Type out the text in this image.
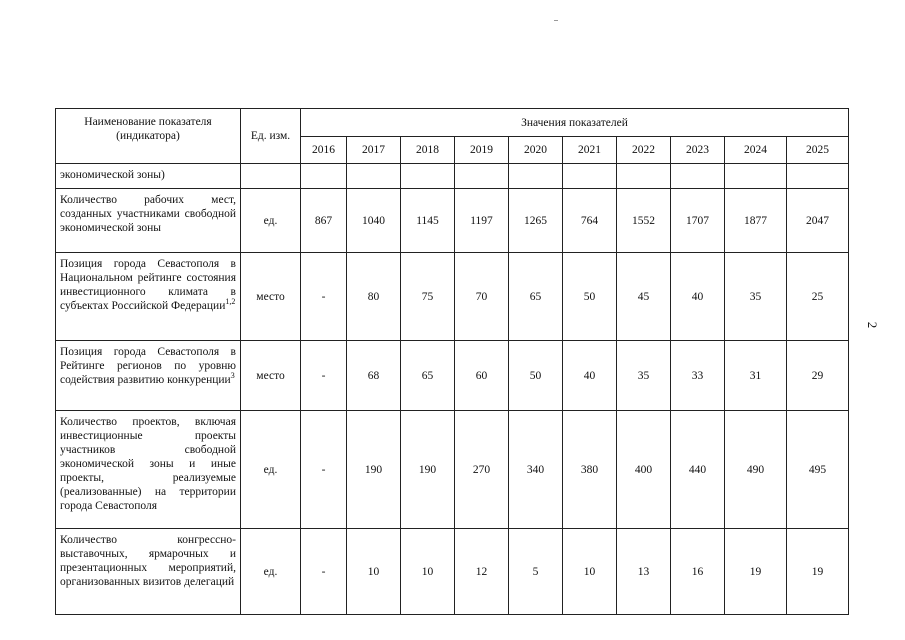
Наименование показателя (индикатора)	Ед. изм.	Значения показателей									
		2016	2017	2018	2019	2020	2021	2022	2023	2024	2025
экономической зоны)											
Количество рабочих мест, созданных участниками свободной экономической зоны	ед.	867	1040	1145	1197	1265	764	1552	1707	1877	2047
Позиция города Севастополя в Национальном рейтинге состояния инвестиционного климата в субъектах Российской Федерации$^{1,2}$	место	-	80	75	70	65	50	45	40	35	25
Позиция города Севастополя в Рейтинге регионов по уровню содействия развитию конкуренции$^3$	место	-	68	65	60	50	40	35	33	31	29
Количество проектов, включая инвестиционные проекты участников свободной экономической зоны и иные проекты, реализуемые (реализованные) на территории города Севастополя	ед.	-	190	190	270	340	380	400	440	490	495
Количество конгрессно-выставочных, ярмарочных и презентационных мероприятий, организованных визитов делегаций	ед.	-	10	10	12	5	10	13	16	19	19
2
